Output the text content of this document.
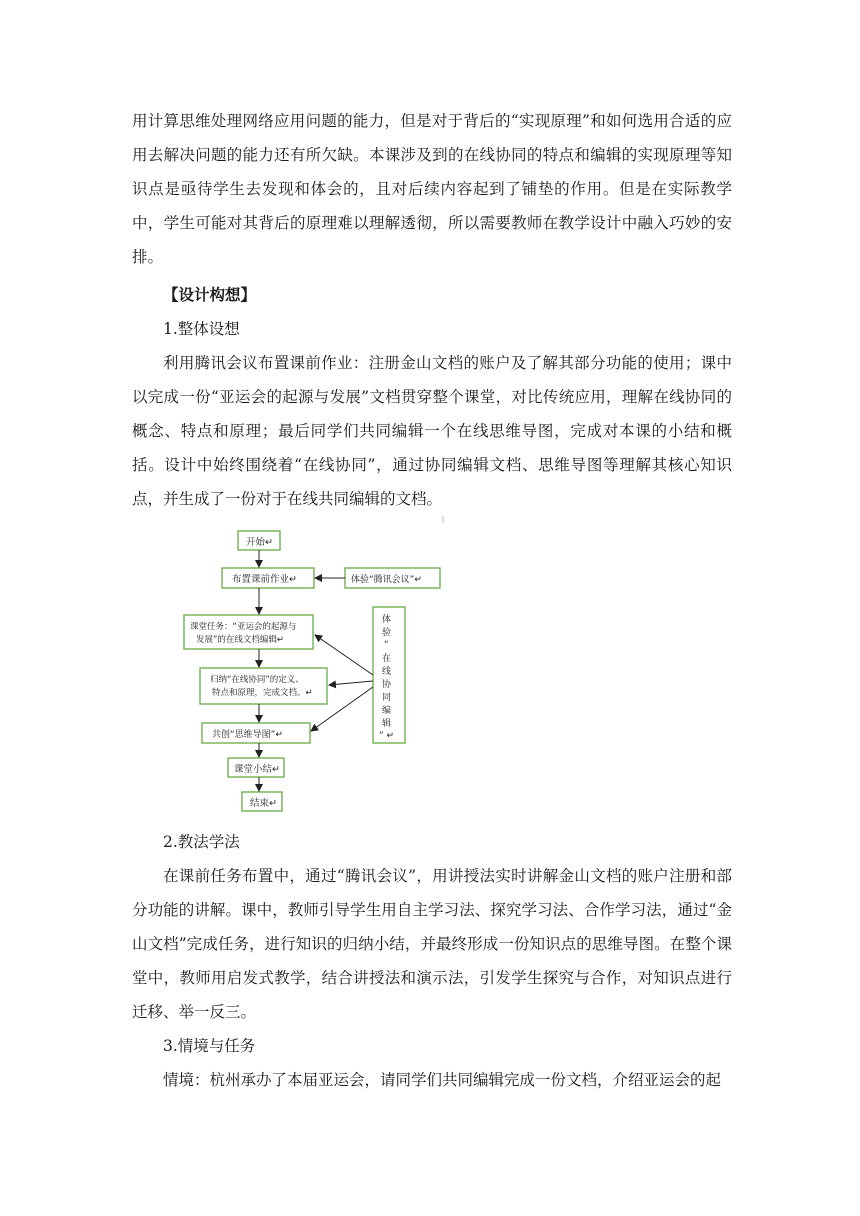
用计算思维处理网络应用问题的能力，但是对于背后的“实现原理”和如何选用合适的应用去解决问题的能力还有所欠缺。本课涉及到的在线协同的特点和编辑的实现原理等知识点是亟待学生去发现和体会的，且对后续内容起到了铺垫的作用。但是在实际教学中，学生可能对其背后的原理难以理解透彻，所以需要教师在教学设计中融入巧妙的安排。

【设计构想】

1.整体设想

利用腾讯会议布置课前作业：注册金山文档的账户及了解其部分功能的使用；课中以完成一份“亚运会的起源与发展”文档贯穿整个课堂，对比传统应用，理解在线协同的概念、特点和原理；最后同学们共同编辑一个在线思维导图，完成对本课的小结和概括。设计中始终围绕着“在线协同”，通过协同编辑文档、思维导图等理解其核心知识点，并生成了一份对于在线共同编辑的文档。

开始↵
布置课前作业↵	体验“腾讯会议”↵
课堂任务：“亚运会的起源与
发展”的在线文档编辑↵
归纳“在线协同”的定义、
特点和原理，完成文档。↵
共创“思维导图”↵
课堂小结↵
结束↵
体
验
“
在
线
协
同
编
辑
” ↵

2.教法学法

在课前任务布置中，通过“腾讯会议”，用讲授法实时讲解金山文档的账户注册和部分功能的讲解。课中，教师引导学生用自主学习法、探究学习法、合作学习法，通过“金山文档”完成任务，进行知识的归纳小结，并最终形成一份知识点的思维导图。在整个课堂中，教师用启发式教学，结合讲授法和演示法，引发学生探究与合作，对知识点进行迁移、举一反三。

3.情境与任务

情境：杭州承办了本届亚运会，请同学们共同编辑完成一份文档，介绍亚运会的起
